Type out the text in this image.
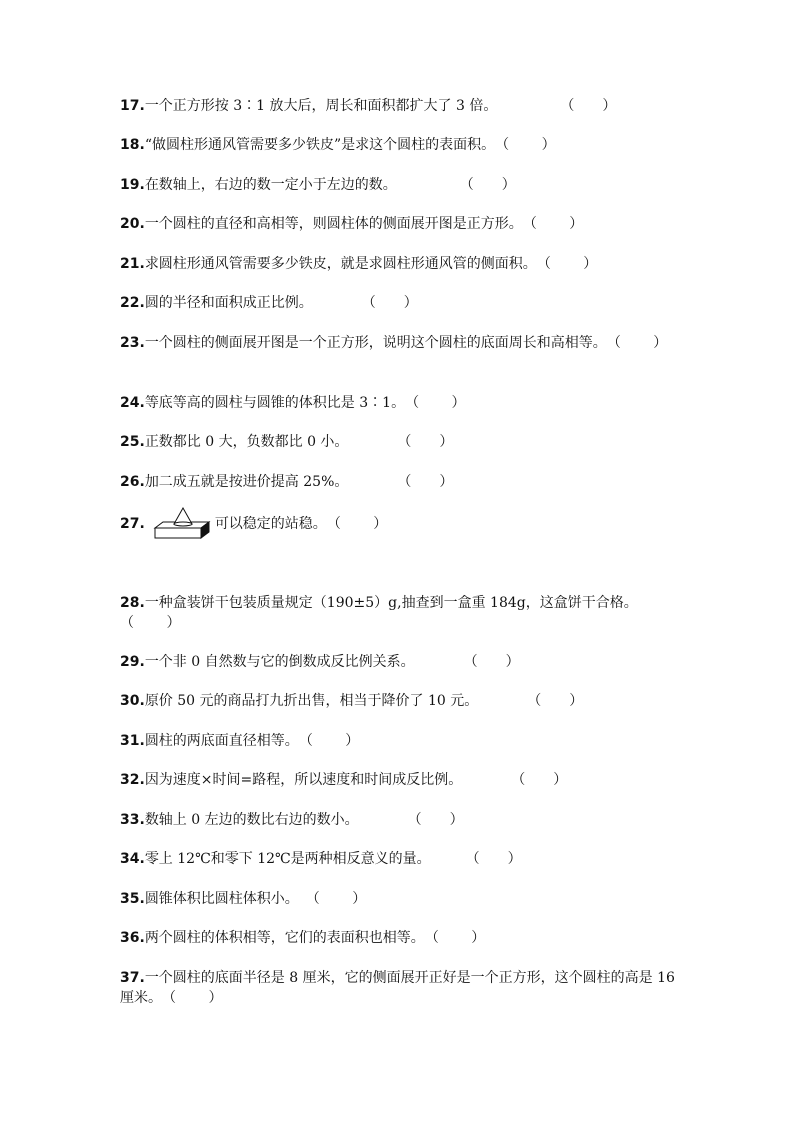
17.一个正方形按 3∶1 放大后，周长和面积都扩大了 3 倍。　　　　　（　　）
18.“做圆柱形通风管需要多少铁皮”是求这个圆柱的表面积。（　　 ）
19.在数轴上，右边的数一定小于左边的数。　　　　　（　　）
20.一个圆柱的直径和高相等，则圆柱体的侧面展开图是正方形。（　　 ）
21.求圆柱形通风管需要多少铁皮，就是求圆柱形通风管的侧面积。（　　 ）
22.圆的半径和面积成正比例。　　　　（　　）
23.一个圆柱的侧面展开图是一个正方形，说明这个圆柱的底面周长和高相等。（　　 ）
24.等底等高的圆柱与圆锥的体积比是 3∶1。（　　 ）
25.正数都比 0 大，负数都比 0 小。　　　　（　　）
26.加二成五就是按进价提高 25%。　　　　（　　）
27.	可以稳定的站稳。（　　 ）
28.一种盒装饼干包装质量规定（190±5）g,抽查到一盒重 184g，这盒饼干合格。（　　 ）
29.一个非 0 自然数与它的倒数成反比例关系。　　　　（　　）
30.原价 50 元的商品打九折出售，相当于降价了 10 元。　　　　（　　）
31.圆柱的两底面直径相等。（　　 ）
32.因为速度×时间=路程，所以速度和时间成反比例。　　　　（　　）
33.数轴上 0 左边的数比右边的数小。　　　　（　　）
34.零上 12℃和零下 12℃是两种相反意义的量。　　　（　　）
35.圆锥体积比圆柱体积小。　（　　 ）
36.两个圆柱的体积相等，它们的表面积也相等。（　　 ）
37.一个圆柱的底面半径是 8 厘米，它的侧面展开正好是一个正方形，这个圆柱的高是 16 厘米。（　　 ）
